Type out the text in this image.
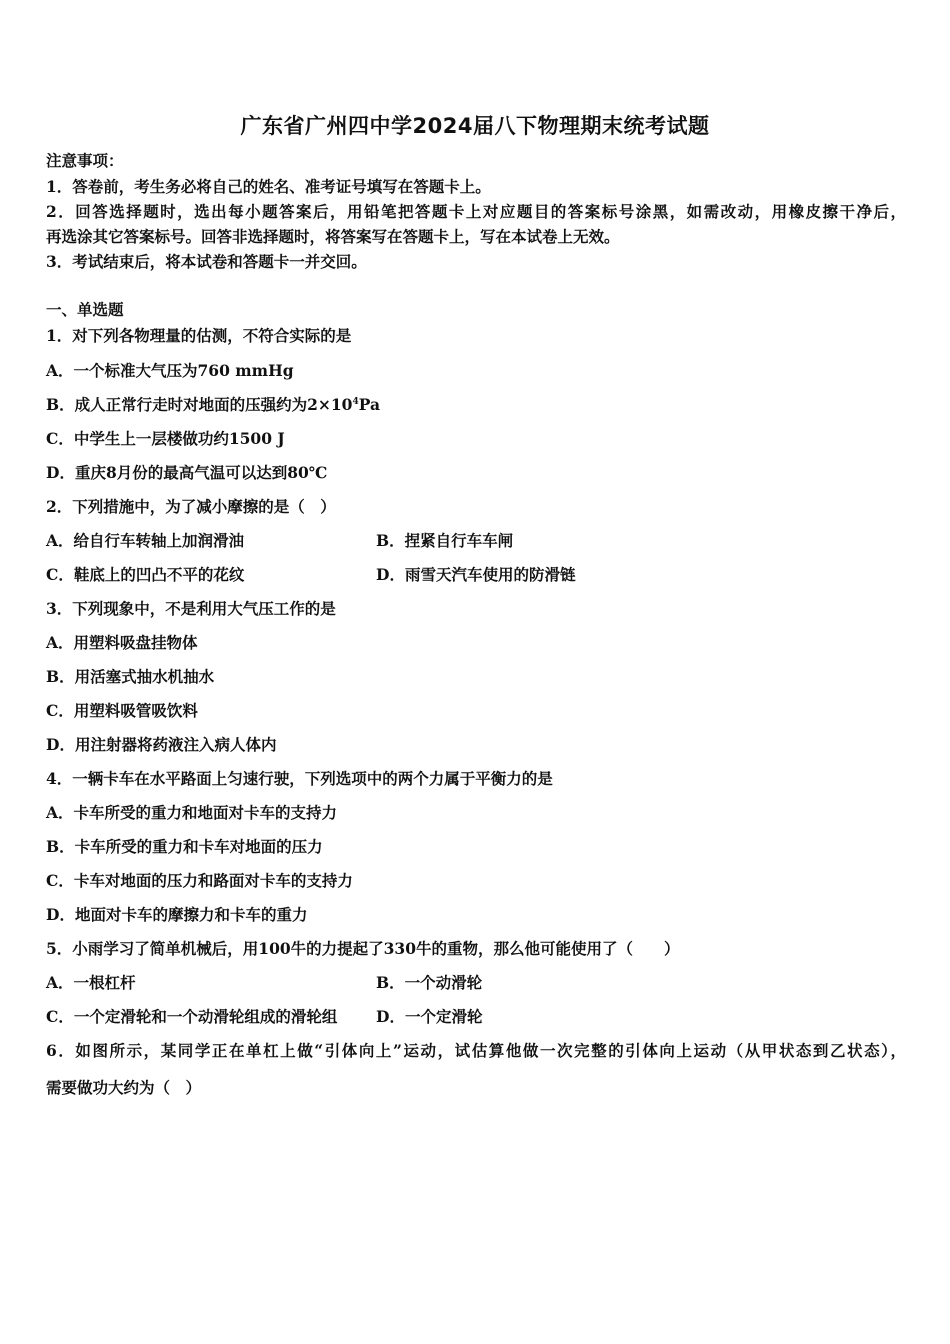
广东省广州四中学2024届八下物理期末统考试题
注意事项：
1．答卷前，考生务必将自己的姓名、准考证号填写在答题卡上。
2．回答选择题时，选出每小题答案后，用铅笔把答题卡上对应题目的答案标号涂黑，如需改动，用橡皮擦干净后，
再选涂其它答案标号。回答非选择题时，将答案写在答题卡上，写在本试卷上无效。
3．考试结束后，将本试卷和答题卡一并交回。
一、单选题
1．对下列各物理量的估测，不符合实际的是
A．一个标准大气压为760 mmHg
B．成人正常行走时对地面的压强约为$2\times 10^4Pa$
C．中学生上一层楼做功约1500 J
D．重庆8月份的最高气温可以达到80℃
2．下列措施中，为了减小摩擦的是（　）
A．给自行车转轴上加润滑油	B．捏紧自行车车闸
C．鞋底上的凹凸不平的花纹	D．雨雪天汽车使用的防滑链
3．下列现象中，不是利用大气压工作的是
A．用塑料吸盘挂物体
B．用活塞式抽水机抽水
C．用塑料吸管吸饮料
D．用注射器将药液注入病人体内
4．一辆卡车在水平路面上匀速行驶，下列选项中的两个力属于平衡力的是
A．卡车所受的重力和地面对卡车的支持力
B．卡车所受的重力和卡车对地面的压力
C．卡车对地面的压力和路面对卡车的支持力
D．地面对卡车的摩擦力和卡车的重力
5．小雨学习了简单机械后，用100牛的力提起了330牛的重物，那么他可能使用了（　　）
A．一根杠杆	B．一个动滑轮
C．一个定滑轮和一个动滑轮组成的滑轮组 D．一个定滑轮
6．如图所示，某同学正在单杠上做“引体向上”运动，试估算他做一次完整的引体向上运动（从甲状态到乙状态），
需要做功大约为（　）
